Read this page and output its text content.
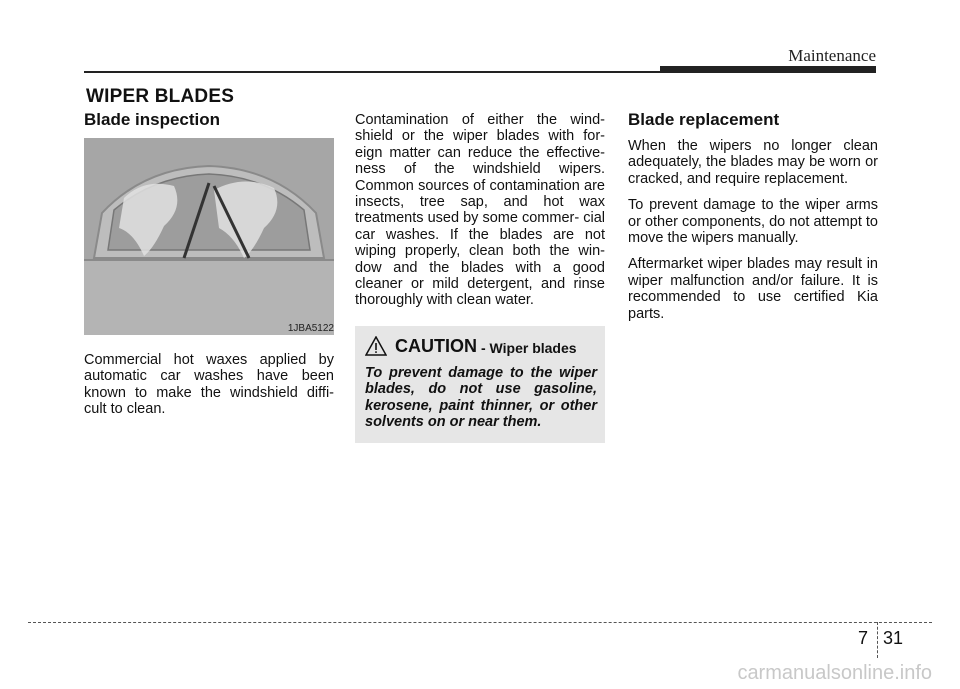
Maintenance
WIPER BLADES
Blade inspection
1JBA5122

Commercial hot waxes applied by automatic car washes have been known to make the windshield diffi- cult to clean.

Contamination of either the wind- shield or the wiper blades with for- eign matter can reduce the effective- ness of the windshield wipers. Common sources of contamination are insects, tree sap, and hot wax treatments used by some commer- cial car washes. If the blades are not wiping properly, clean both the win- dow and the blades with a good cleaner or mild detergent, and rinse thoroughly with clean water.

CAUTION - Wiper blades
To prevent damage to the wiper blades, do not use gasoline, kerosene, paint thinner, or other solvents on or near them.
Blade replacement

When the wipers no longer clean adequately, the blades may be worn or cracked, and require replacement.

To prevent damage to the wiper arms or other components, do not attempt to move the wipers manually.

Aftermarket wiper blades may result in wiper malfunction and/or failure. It is recommended to use certified Kia parts.

7 31
carmanualsonline.info
